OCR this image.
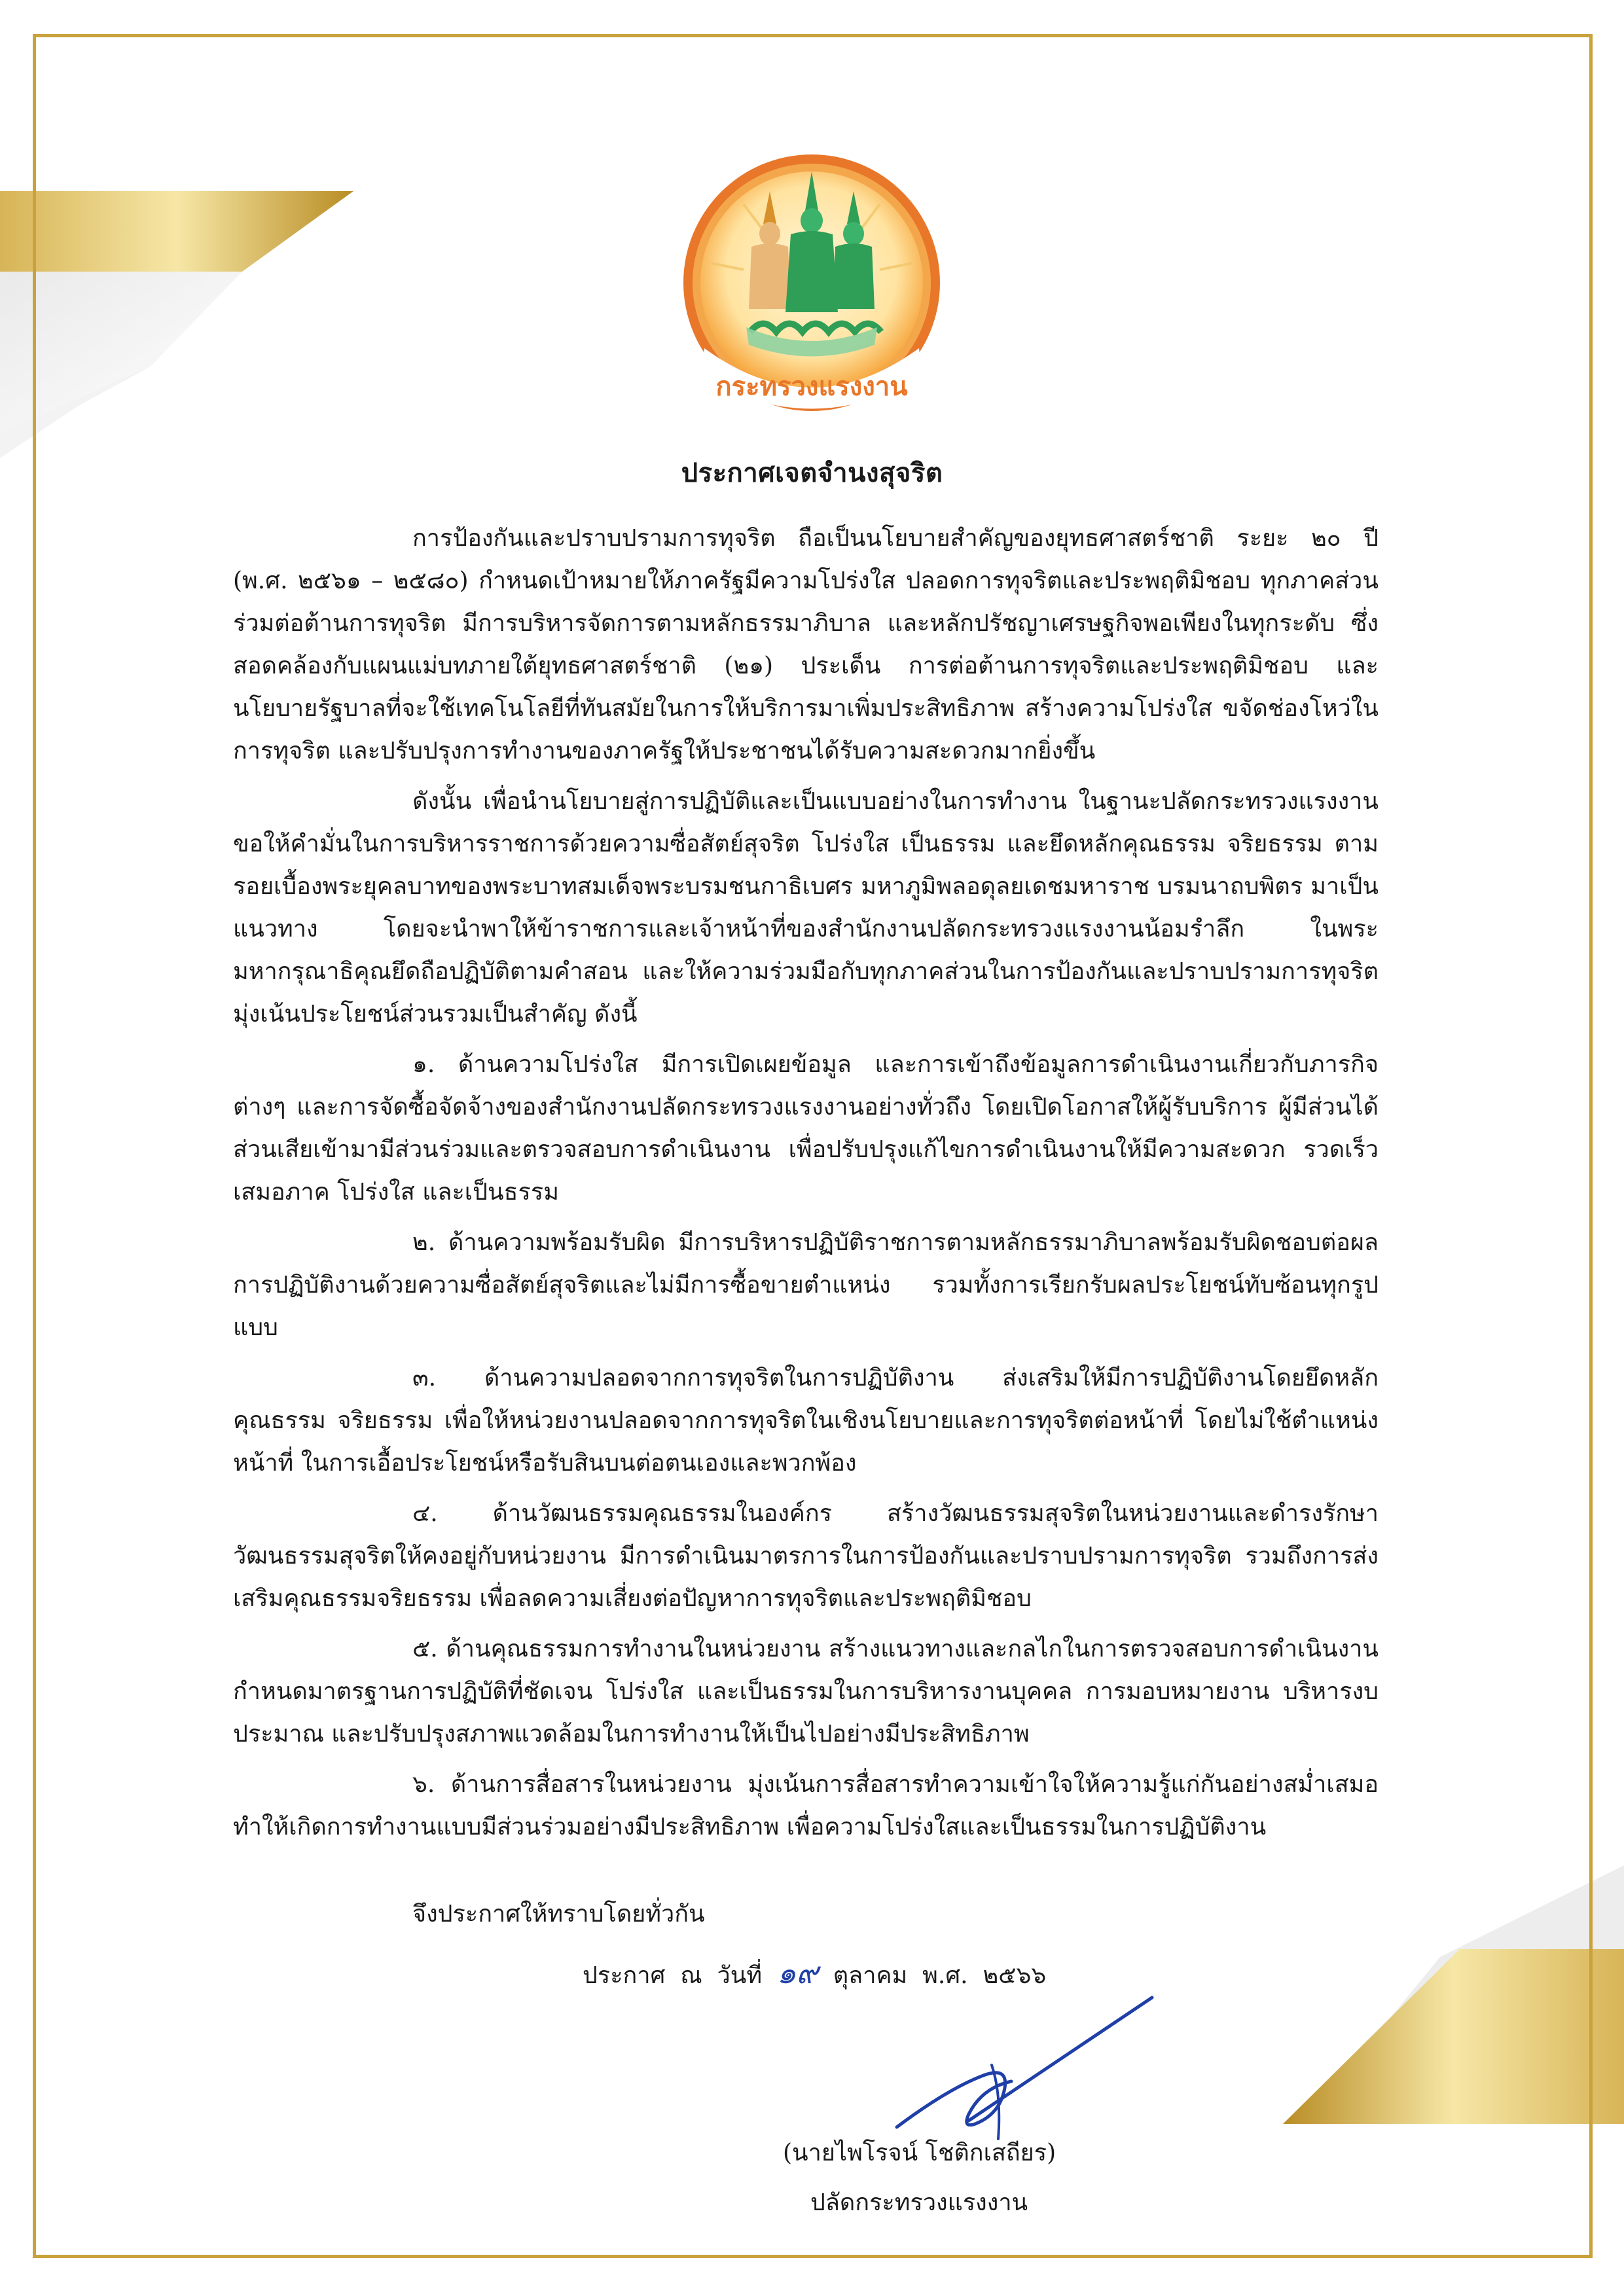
กระทรวงแรงงาน
ประกาศเจตจำนงสุจริต

การป้องกันและปราบปรามการทุจริต ถือเป็นนโยบายสำคัญของยุทธศาสตร์ชาติ ระยะ ๒๐ ปี (พ.ศ. ๒๕๖๑ – ๒๕๘๐) กำหนดเป้าหมายให้ภาครัฐมีความโปร่งใส ปลอดการทุจริตและประพฤติมิชอบ ทุกภาคส่วนร่วมต่อต้านการทุจริต มีการบริหารจัดการตามหลักธรรมาภิบาล และหลักปรัชญาเศรษฐกิจพอเพียงในทุกระดับ ซึ่งสอดคล้องกับแผนแม่บทภายใต้ยุทธศาสตร์ชาติ (๒๑) ประเด็น การต่อต้านการทุจริตและประพฤติมิชอบ และนโยบายรัฐบาลที่จะใช้เทคโนโลยีที่ทันสมัยในการให้บริการมาเพิ่มประสิทธิภาพ สร้างความโปร่งใส ขจัดช่องโหว่ในการทุจริต และปรับปรุงการทำงานของภาครัฐให้ประชาชนได้รับความสะดวกมากยิ่งขึ้น

ดังนั้น เพื่อนำนโยบายสู่การปฏิบัติและเป็นแบบอย่างในการทำงาน ในฐานะปลัดกระทรวงแรงงาน ขอให้คำมั่นในการบริหารราชการด้วยความซื่อสัตย์สุจริต โปร่งใส เป็นธรรม และยึดหลักคุณธรรม จริยธรรม ตามรอยเบื้องพระยุคลบาทของพระบาทสมเด็จพระบรมชนกาธิเบศร มหาภูมิพลอดุลยเดชมหาราช บรมนาถบพิตร มาเป็นแนวทาง โดยจะนำพาให้ข้าราชการและเจ้าหน้าที่ของสำนักงานปลัดกระทรวงแรงงานน้อมรำลึก ในพระมหากรุณาธิคุณยึดถือปฏิบัติตามคำสอน และให้ความร่วมมือกับทุกภาคส่วนในการป้องกันและปราบปรามการทุจริต มุ่งเน้นประโยชน์ส่วนรวมเป็นสำคัญ ดังนี้

๑. ด้านความโปร่งใส มีการเปิดเผยข้อมูล และการเข้าถึงข้อมูลการดำเนินงานเกี่ยวกับภารกิจต่างๆ และการจัดซื้อจัดจ้างของสำนักงานปลัดกระทรวงแรงงานอย่างทั่วถึง โดยเปิดโอกาสให้ผู้รับบริการ ผู้มีส่วนได้ส่วนเสียเข้ามามีส่วนร่วมและตรวจสอบการดำเนินงาน เพื่อปรับปรุงแก้ไขการดำเนินงานให้มีความสะดวก รวดเร็ว เสมอภาค โปร่งใส และเป็นธรรม

๒. ด้านความพร้อมรับผิด มีการบริหารปฏิบัติราชการตามหลักธรรมาภิบาลพร้อมรับผิดชอบต่อผลการปฏิบัติงานด้วยความซื่อสัตย์สุจริตและไม่มีการซื้อขายตำแหน่ง รวมทั้งการเรียกรับผลประโยชน์ทับซ้อนทุกรูปแบบ

๓. ด้านความปลอดจากการทุจริตในการปฏิบัติงาน ส่งเสริมให้มีการปฏิบัติงานโดยยึดหลักคุณธรรม จริยธรรม เพื่อให้หน่วยงานปลอดจากการทุจริตในเชิงนโยบายและการทุจริตต่อหน้าที่ โดยไม่ใช้ตำแหน่งหน้าที่ ในการเอื้อประโยชน์หรือรับสินบนต่อตนเองและพวกพ้อง

๔. ด้านวัฒนธรรมคุณธรรมในองค์กร สร้างวัฒนธรรมสุจริตในหน่วยงานและดำรงรักษาวัฒนธรรมสุจริตให้คงอยู่กับหน่วยงาน มีการดำเนินมาตรการในการป้องกันและปราบปรามการทุจริต รวมถึงการส่งเสริมคุณธรรมจริยธรรม เพื่อลดความเสี่ยงต่อปัญหาการทุจริตและประพฤติมิชอบ

๕. ด้านคุณธรรมการทำงานในหน่วยงาน สร้างแนวทางและกลไกในการตรวจสอบการดำเนินงาน กำหนดมาตรฐานการปฏิบัติที่ชัดเจน โปร่งใส และเป็นธรรมในการบริหารงานบุคคล การมอบหมายงาน บริหารงบประมาณ และปรับปรุงสภาพแวดล้อมในการทำงานให้เป็นไปอย่างมีประสิทธิภาพ

๖. ด้านการสื่อสารในหน่วยงาน มุ่งเน้นการสื่อสารทำความเข้าใจให้ความรู้แก่กันอย่างสม่ำเสมอ ทำให้เกิดการทำงานแบบมีส่วนร่วมอย่างมีประสิทธิภาพ เพื่อความโปร่งใสและเป็นธรรมในการปฏิบัติงาน

จึงประกาศให้ทราบโดยทั่วกัน
ประกาศ  ณ  วันที่ ๑๙ ตุลาคม  พ.ศ.  ๒๕๖๖
(นายไพโรจน์ โชติกเสถียร)
ปลัดกระทรวงแรงงาน
